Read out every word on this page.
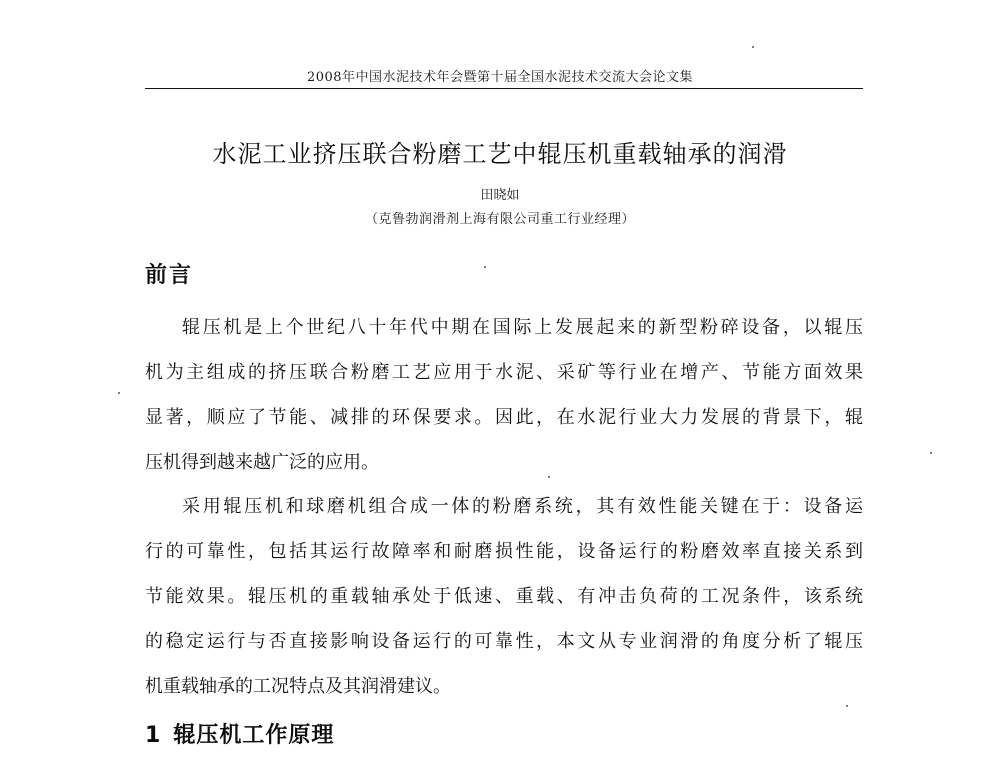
2008年中国水泥技术年会暨第十届全国水泥技术交流大会论文集
水泥工业挤压联合粉磨工艺中辊压机重载轴承的润滑
田晓如
（克鲁勃润滑剂上海有限公司重工行业经理）
前言
辊压机是上个世纪八十年代中期在国际上发展起来的新型粉碎设备，以辊压
机为主组成的挤压联合粉磨工艺应用于水泥、采矿等行业在增产、节能方面效果
显著，顺应了节能、减排的环保要求。因此，在水泥行业大力发展的背景下，辊
压机得到越来越广泛的应用。
采用辊压机和球磨机组合成一体的粉磨系统，其有效性能关键在于：设备运
行的可靠性，包括其运行故障率和耐磨损性能，设备运行的粉磨效率直接关系到
节能效果。辊压机的重载轴承处于低速、重载、有冲击负荷的工况条件，该系统
的稳定运行与否直接影响设备运行的可靠性，本文从专业润滑的角度分析了辊压
机重载轴承的工况特点及其润滑建议。
1 辊压机工作原理
